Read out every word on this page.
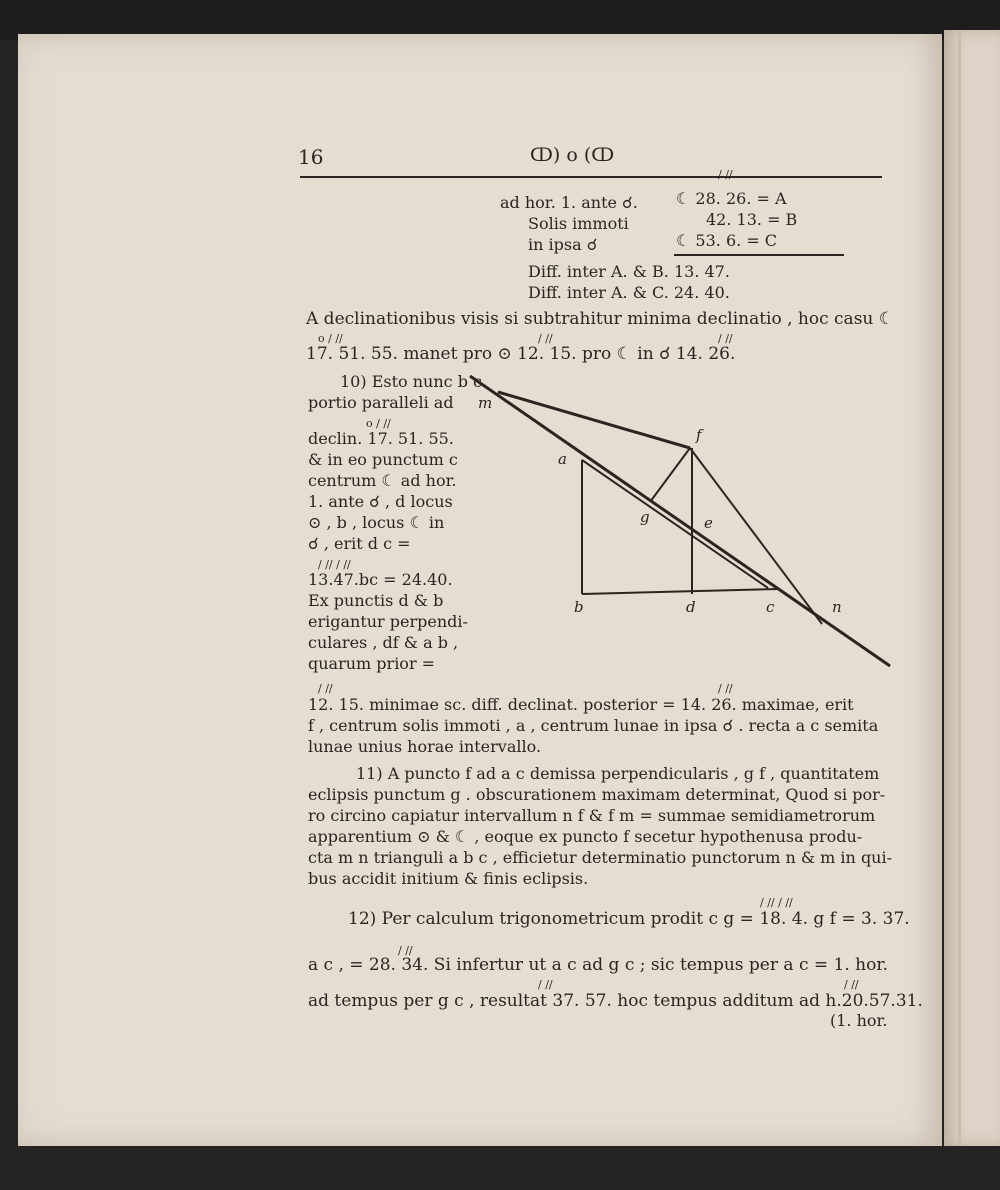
16	ↀ) o (ↀ
/ //
ad hor. 1. ante ☌. ☾ 28. 26. = A
Solis immoti	42. 13. = B
in ipsa ☌	☾ 53. 6. = C
Diff. inter A. & B. 13. 47.
Diff. inter A. & C. 24. 40.
A declinationibus visis si subtrahitur minima declinatio , hoc casu ☾
o / //	/ //	/ //
17. 51. 55. manet pro ⊙ 12. 15. pro ☾ in ☌ 14. 26.
10) Esto nunc b c
portio paralleli ad
o / //
declin. 17. 51. 55.
& in eo punctum c
centrum ☾ ad hor.
1. ante ☌ , d locus
⊙ , b , locus ☾ in
☌ , erit d c =
/ // / //
13.47.bc = 24.40.
Ex punctis d & b
erigantur perpendi-
culares , df & a b ,
quarum prior =
/ //
/ //
m
f
a
g	e
b	d	c	n
12. 15. minimae sc. diff. declinat. posterior = 14. 26. maximae, erit
f , centrum solis immoti , a , centrum lunae in ipsa ☌ . recta a c semita
lunae unius horae intervallo.
11) A puncto f ad a c demissa perpendicularis , g f , quantitatem
eclipsis punctum g . obscurationem maximam determinat, Quod si por-
ro circino capiatur intervallum n f & f m = summae semidiametrorum
apparentium ⊙ & ☾ , eoque ex puncto f secetur hypothenusa produ-
cta m n trianguli a b c , efficietur determinatio punctorum n & m in qui-
bus accidit initium & finis eclipsis.
/ // / //
12) Per calculum trigonometricum prodit c g = 18. 4. g f = 3. 37.
/ //
a c , = 28. 34. Si infertur ut a c ad g c ; sic tempus per a c = 1. hor.
/ //	/ //
ad tempus per g c , resultat 37. 57. hoc tempus additum ad h.20.57.31.
(1. hor.
